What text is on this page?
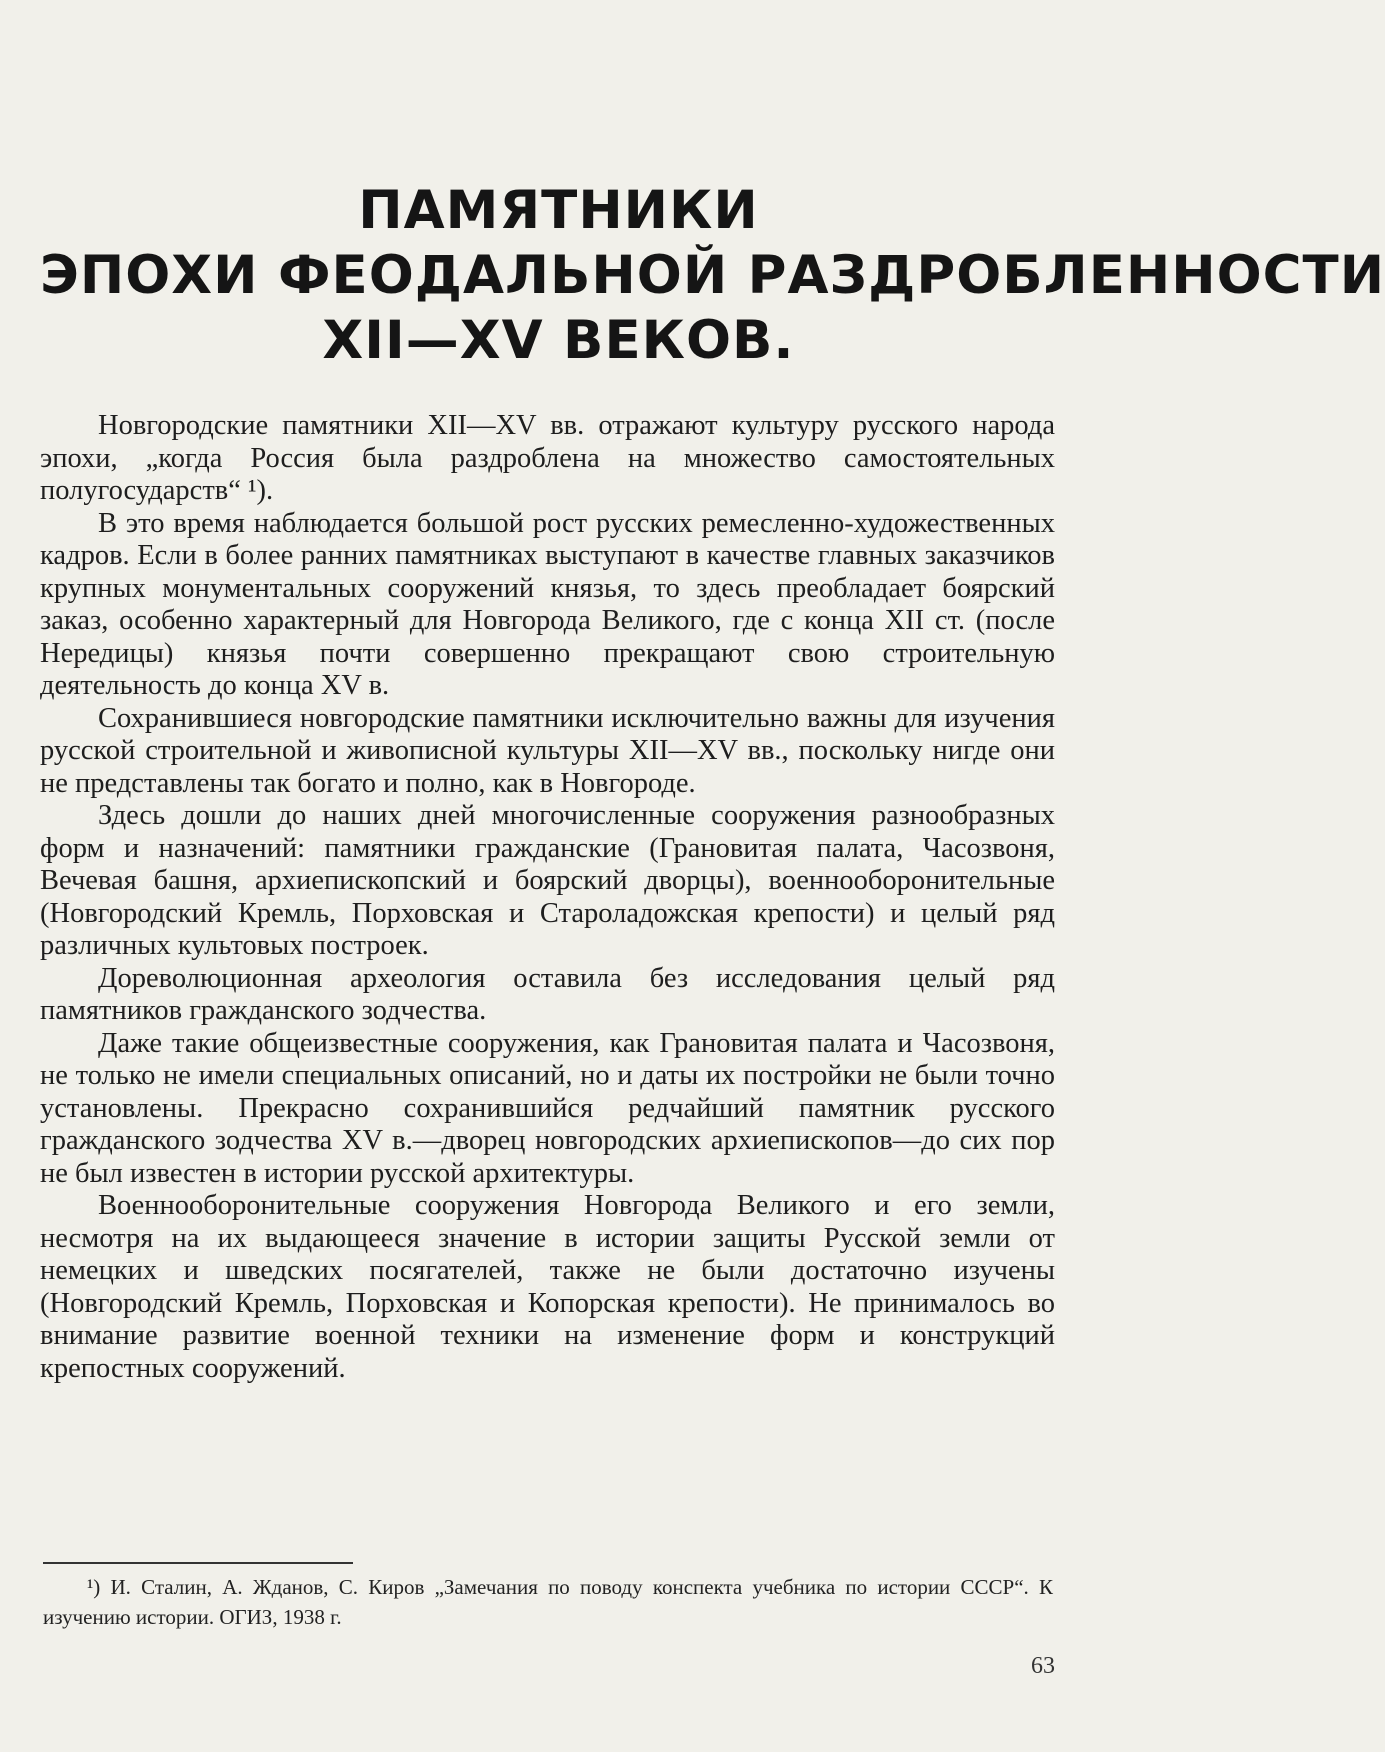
ПАМЯТНИКИ
ЭПОХИ ФЕОДАЛЬНОЙ РАЗДРОБЛЕННОСТИ
XII—XV ВЕКОВ.

Новгородские памятники XII—XV вв. отражают культуру русского народа эпохи, „когда Россия была раздроблена на множество самостоятельных полугосударств“ ¹).

В это время наблюдается большой рост русских ремесленно-художественных кадров. Если в более ранних памятниках выступают в качестве главных заказчиков крупных монументальных сооружений князья, то здесь преобладает боярский заказ, особенно характерный для Новгорода Великого, где с конца XII ст. (после Нередицы) князья почти совершенно прекращают свою строительную деятельность до конца XV в.

Сохранившиеся новгородские памятники исключительно важны для изучения русской строительной и живописной культуры XII—XV вв., поскольку нигде они не представлены так богато и полно, как в Новгороде.

Здесь дошли до наших дней многочисленные сооружения разнообразных форм и назначений: памятники гражданские (Грановитая палата, Часозвоня, Вечевая башня, архиепископский и боярский дворцы), военнооборонительные (Новгородский Кремль, Порховская и Староладожская крепости) и целый ряд различных культовых построек.

Дореволюционная археология оставила без исследования целый ряд памятников гражданского зодчества.

Даже такие общеизвестные сооружения, как Грановитая палата и Часозвоня, не только не имели специальных описаний, но и даты их постройки не были точно установлены. Прекрасно сохранившийся редчайший памятник русского гражданского зодчества XV в.—дворец новгородских архиепископов—до сих пор не был известен в истории русской архитектуры.

Военнооборонительные сооружения Новгорода Великого и его земли, несмотря на их выдающееся значение в истории защиты Русской земли от немецких и шведских посягателей, также не были достаточно изучены (Новгородский Кремль, Порховская и Копорская крепости). Не принималось во внимание развитие военной техники на изменение форм и конструкций крепостных сооружений.

¹) И. Сталин, А. Жданов, С. Киров „Замечания по поводу конспекта учебника по истории СССР“. К изучению истории. ОГИЗ, 1938 г.
63
